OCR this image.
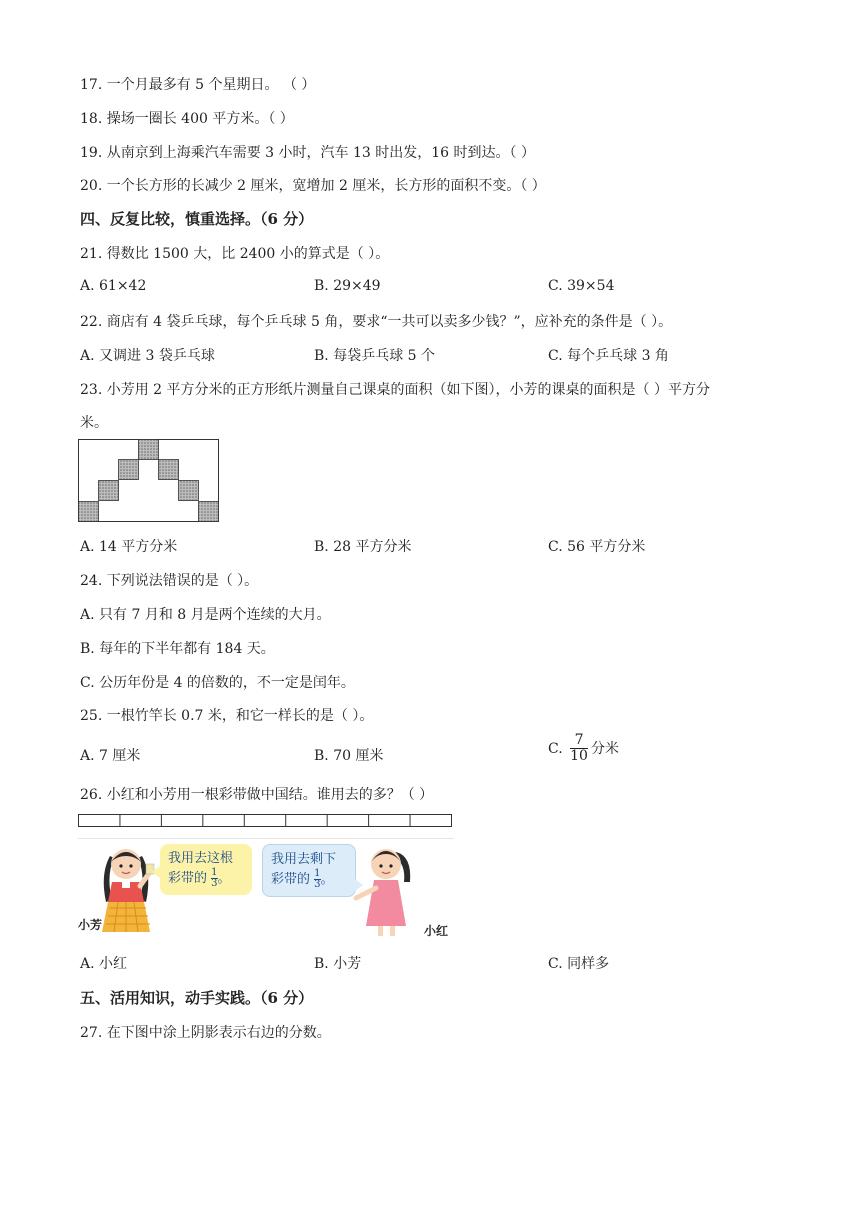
17. 一个月最多有 5 个星期日。 （ ）
18. 操场一圈长 400 平方米。（ ）
19. 从南京到上海乘汽车需要 3 小时，汽车 13 时出发，16 时到达。（ ）
20. 一个长方形的长减少 2 厘米，宽增加 2 厘米，长方形的面积不变。（ ）
四、反复比较，慎重选择。（6 分）
21. 得数比 1500 大，比 2400 小的算式是（ ）。
A. 61×42	B. 29×49	C. 39×54
22. 商店有 4 袋乒乓球，每个乒乓球 5 角，要求“一共可以卖多少钱？”，应补充的条件是（ ）。
A. 又调进 3 袋乒乓球	B. 每袋乒乓球 5 个	C. 每个乒乓球 3 角
23. 小芳用 2 平方分米的正方形纸片测量自己课桌的面积（如下图），小芳的课桌的面积是（ ）平方分
米。
A. 14 平方分米	B. 28 平方分米	C. 56 平方分米
24. 下列说法错误的是（ ）。
A. 只有 7 月和 8 月是两个连续的大月。
B. 每年的下半年都有 184 天。
C. 公历年份是 4 的倍数的，不一定是闰年。
25. 一根竹竿长 0.7 米，和它一样长的是（ ）。
A. 7 厘米	B. 70 厘米	C. $\frac{7}{10}$ 分米
26. 小红和小芳用一根彩带做中国结。谁用去的多？（ ）
小芳
我用去这根
彩带的 $\frac{1}{3}$ 。
我用去剩下
彩带的 $\frac{1}{3}$ 。
小红
A. 小红	B. 小芳	C. 同样多
五、活用知识，动手实践。（6 分）
27. 在下图中涂上阴影表示右边的分数。
